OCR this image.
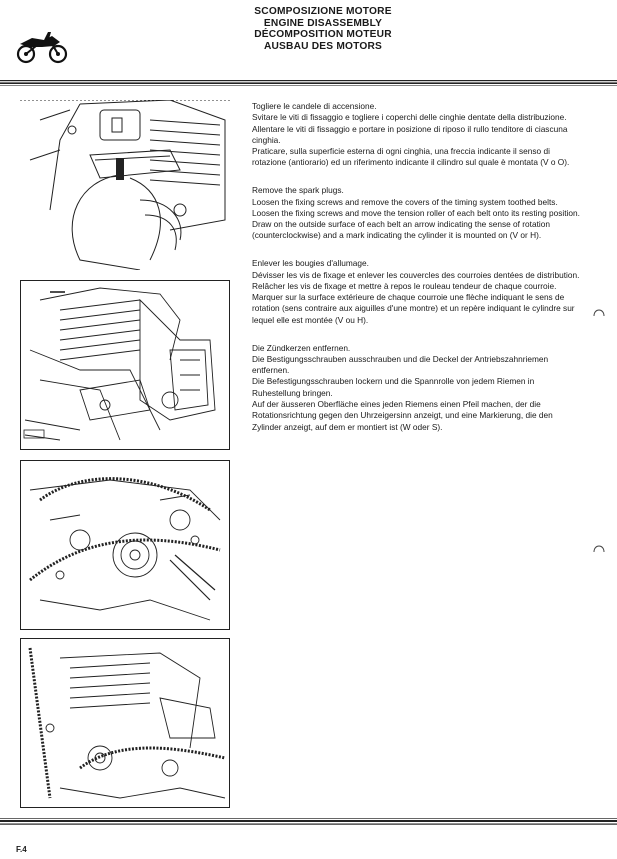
SCOMPOSIZIONE MOTORE
ENGINE DISASSEMBLY
DÉCOMPOSITION MOTEUR
AUSBAU DES MOTORS
Togliere le candele di accensione.
Svitare le viti di fissaggio e togliere i coperchi delle cinghie dentate della distribuzione.
Allentare le viti di fissaggio e portare in posizione di riposo il rullo tenditore di ciascuna cinghia.
Praticare, sulla superficie esterna di ogni cinghia, una freccia indicante il senso di rotazione (antiorario) ed un riferimento indicante il cilindro sul quale è montata (V o O).
Remove the spark plugs.
Loosen the fixing screws and remove the covers of the timing system toothed belts.
Loosen the fixing screws and move the tension roller of each belt onto its resting position.
Draw on the outside surface of each belt an arrow indicating the sense of rotation (counterclockwise) and a mark indicating the cylinder it is mounted on (V or H).
Enlever les bougies d'allumage.
Dévisser les vis de fixage et enlever les couvercles des courroies dentées de distribution.
Relâcher les vis de fixage et mettre à repos le rouleau tendeur de chaque courroie.
Marquer sur la surface extérieure de chaque courroie une flèche indiquant le sens de rotation (sens contraire aux aiguilles d'une montre) et un repère indiquant le cylindre sur lequel elle est montée (V ou H).
Die Zündkerzen entfernen.
Die Bestigungsschrauben ausschrauben und die Deckel der Antriebszahnriemen entfernen.
Die Befestigungsschrauben lockern und die Spannrolle von jedem Riemen in Ruhestellung bringen.
Auf der äusseren Oberfläche eines jeden Riemens einen Pfeil machen, der die Rotationsrichtung gegen den Uhrzeigersinn anzeigt, und eine Markierung, die den Zylinder anzeigt, auf dem er montiert ist (W oder S).
F.4
